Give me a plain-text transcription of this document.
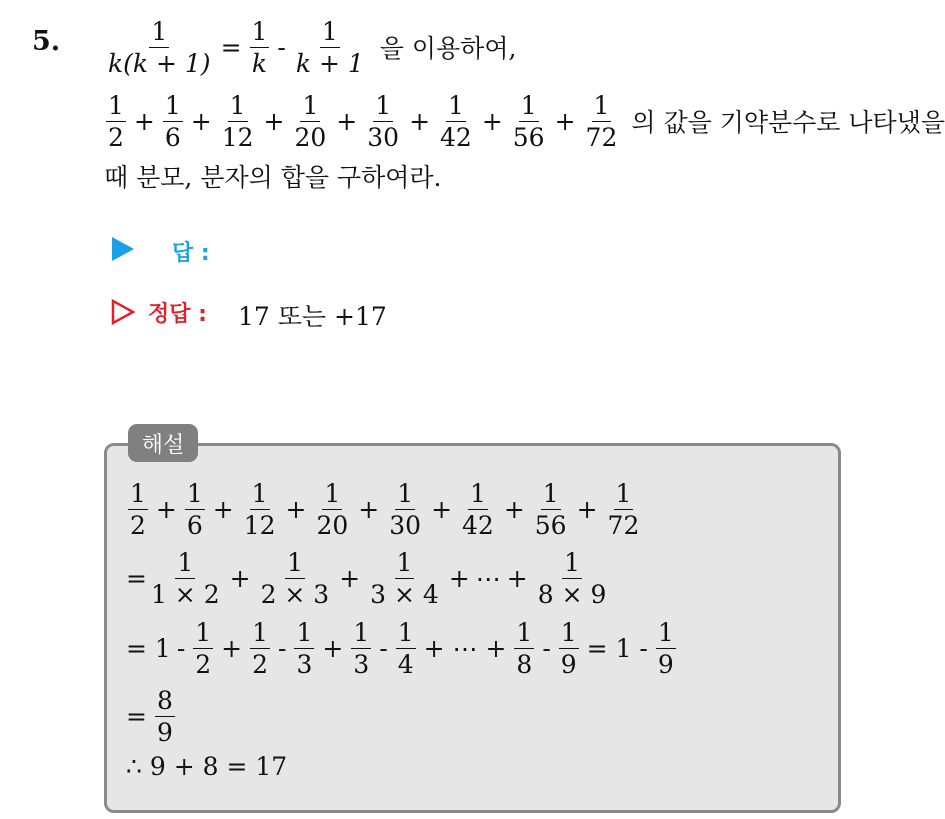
5. $\frac{1}{k(k + 1)} = \frac{1}{k} - \frac{1}{k + 1}$ 을 이용하여,
$\frac{1}{2} + \frac{1}{6} + \frac{1}{12} + \frac{1}{20} + \frac{1}{30} + \frac{1}{42} + \frac{1}{56} + \frac{1}{72}$ 의 값을 기약분수로 나타냈을
때 분모, 분자의 합을 구하여라.
답 :
정답 : 17 또는 +17
해설
$\frac{1}{2} + \frac{1}{6} + \frac{1}{12} + \frac{1}{20} + \frac{1}{30} + \frac{1}{42} + \frac{1}{56} + \frac{1}{72}$
= $\frac{1}{1 \times 2} + \frac{1}{2 \times 3} + \frac{1}{3 \times 4}$ + ⋯ + $\frac{1}{8 \times 9}$
= $1 - \frac{1}{2} + \frac{1}{2} - \frac{1}{3} + \frac{1}{3} - \frac{1}{4}$ + ⋯ + $\frac{1}{8} - \frac{1}{9} = 1 - \frac{1}{9}$
= $\frac{8}{9}$
∴ 9 + 8 = 17
